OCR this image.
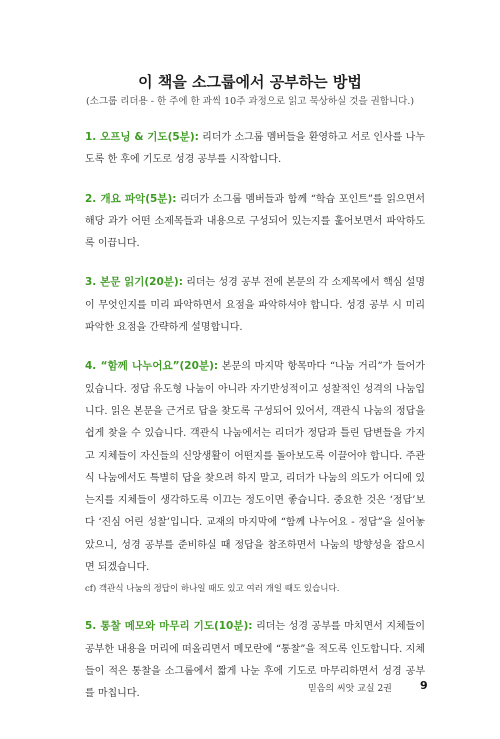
이 책을 소그룹에서 공부하는 방법
(소그룹 리더용 - 한 주에 한 과씩 10주 과정으로 읽고 묵상하실 것을 권합니다.)

1. 오프닝 & 기도(5분): 리더가 소그룹 멤버들을 환영하고 서로 인사를 나누도록 한 후에 기도로 성경 공부를 시작합니다.

2. 개요 파악(5분): 리더가 소그룹 멤버들과 함께 “학습 포인트”를 읽으면서 해당 과가 어떤 소제목들과 내용으로 구성되어 있는지를 훑어보면서 파악하도록 이끕니다.

3. 본문 읽기(20분): 리더는 성경 공부 전에 본문의 각 소제목에서 핵심 설명이 무엇인지를 미리 파악하면서 요점을 파악하셔야 합니다. 성경 공부 시 미리 파악한 요점을 간략하게 설명합니다.

4. “함께 나누어요”(20분): 본문의 마지막 항목마다 “나눔 거리”가 들어가 있습니다. 정답 유도형 나눔이 아니라 자기반성적이고 성찰적인 성격의 나눔입니다. 읽은 본문을 근거로 답을 찾도록 구성되어 있어서, 객관식 나눔의 정답을 쉽게 찾을 수 있습니다. 객관식 나눔에서는 리더가 정답과 틀린 답변들을 가지고 지체들이 자신들의 신앙생활이 어떤지를 돌아보도록 이끌어야 합니다. 주관식 나눔에서도 특별히 답을 찾으려 하지 말고, 리더가 나눔의 의도가 어디에 있는지를 지체들이 생각하도록 이끄는 정도이면 좋습니다. 중요한 것은 ‘정답’보다 ‘진심 어린 성찰’입니다. 교재의 마지막에 “함께 나누어요 - 정답”을 실어놓았으니, 성경 공부를 준비하실 때 정답을 참조하면서 나눔의 방향성을 잡으시면 되겠습니다.

cf) 객관식 나눔의 정답이 하나일 때도 있고 여러 개일 때도 있습니다.

5. 통찰 메모와 마무리 기도(10분): 리더는 성경 공부를 마치면서 지체들이 공부한 내용을 머리에 떠올리면서 메모란에 “통찰”을 적도록 인도합니다. 지체들이 적은 통찰을 소그룹에서 짧게 나눈 후에 기도로 마무리하면서 성경 공부를 마칩니다.	믿음의 씨앗 교실 2권	9
